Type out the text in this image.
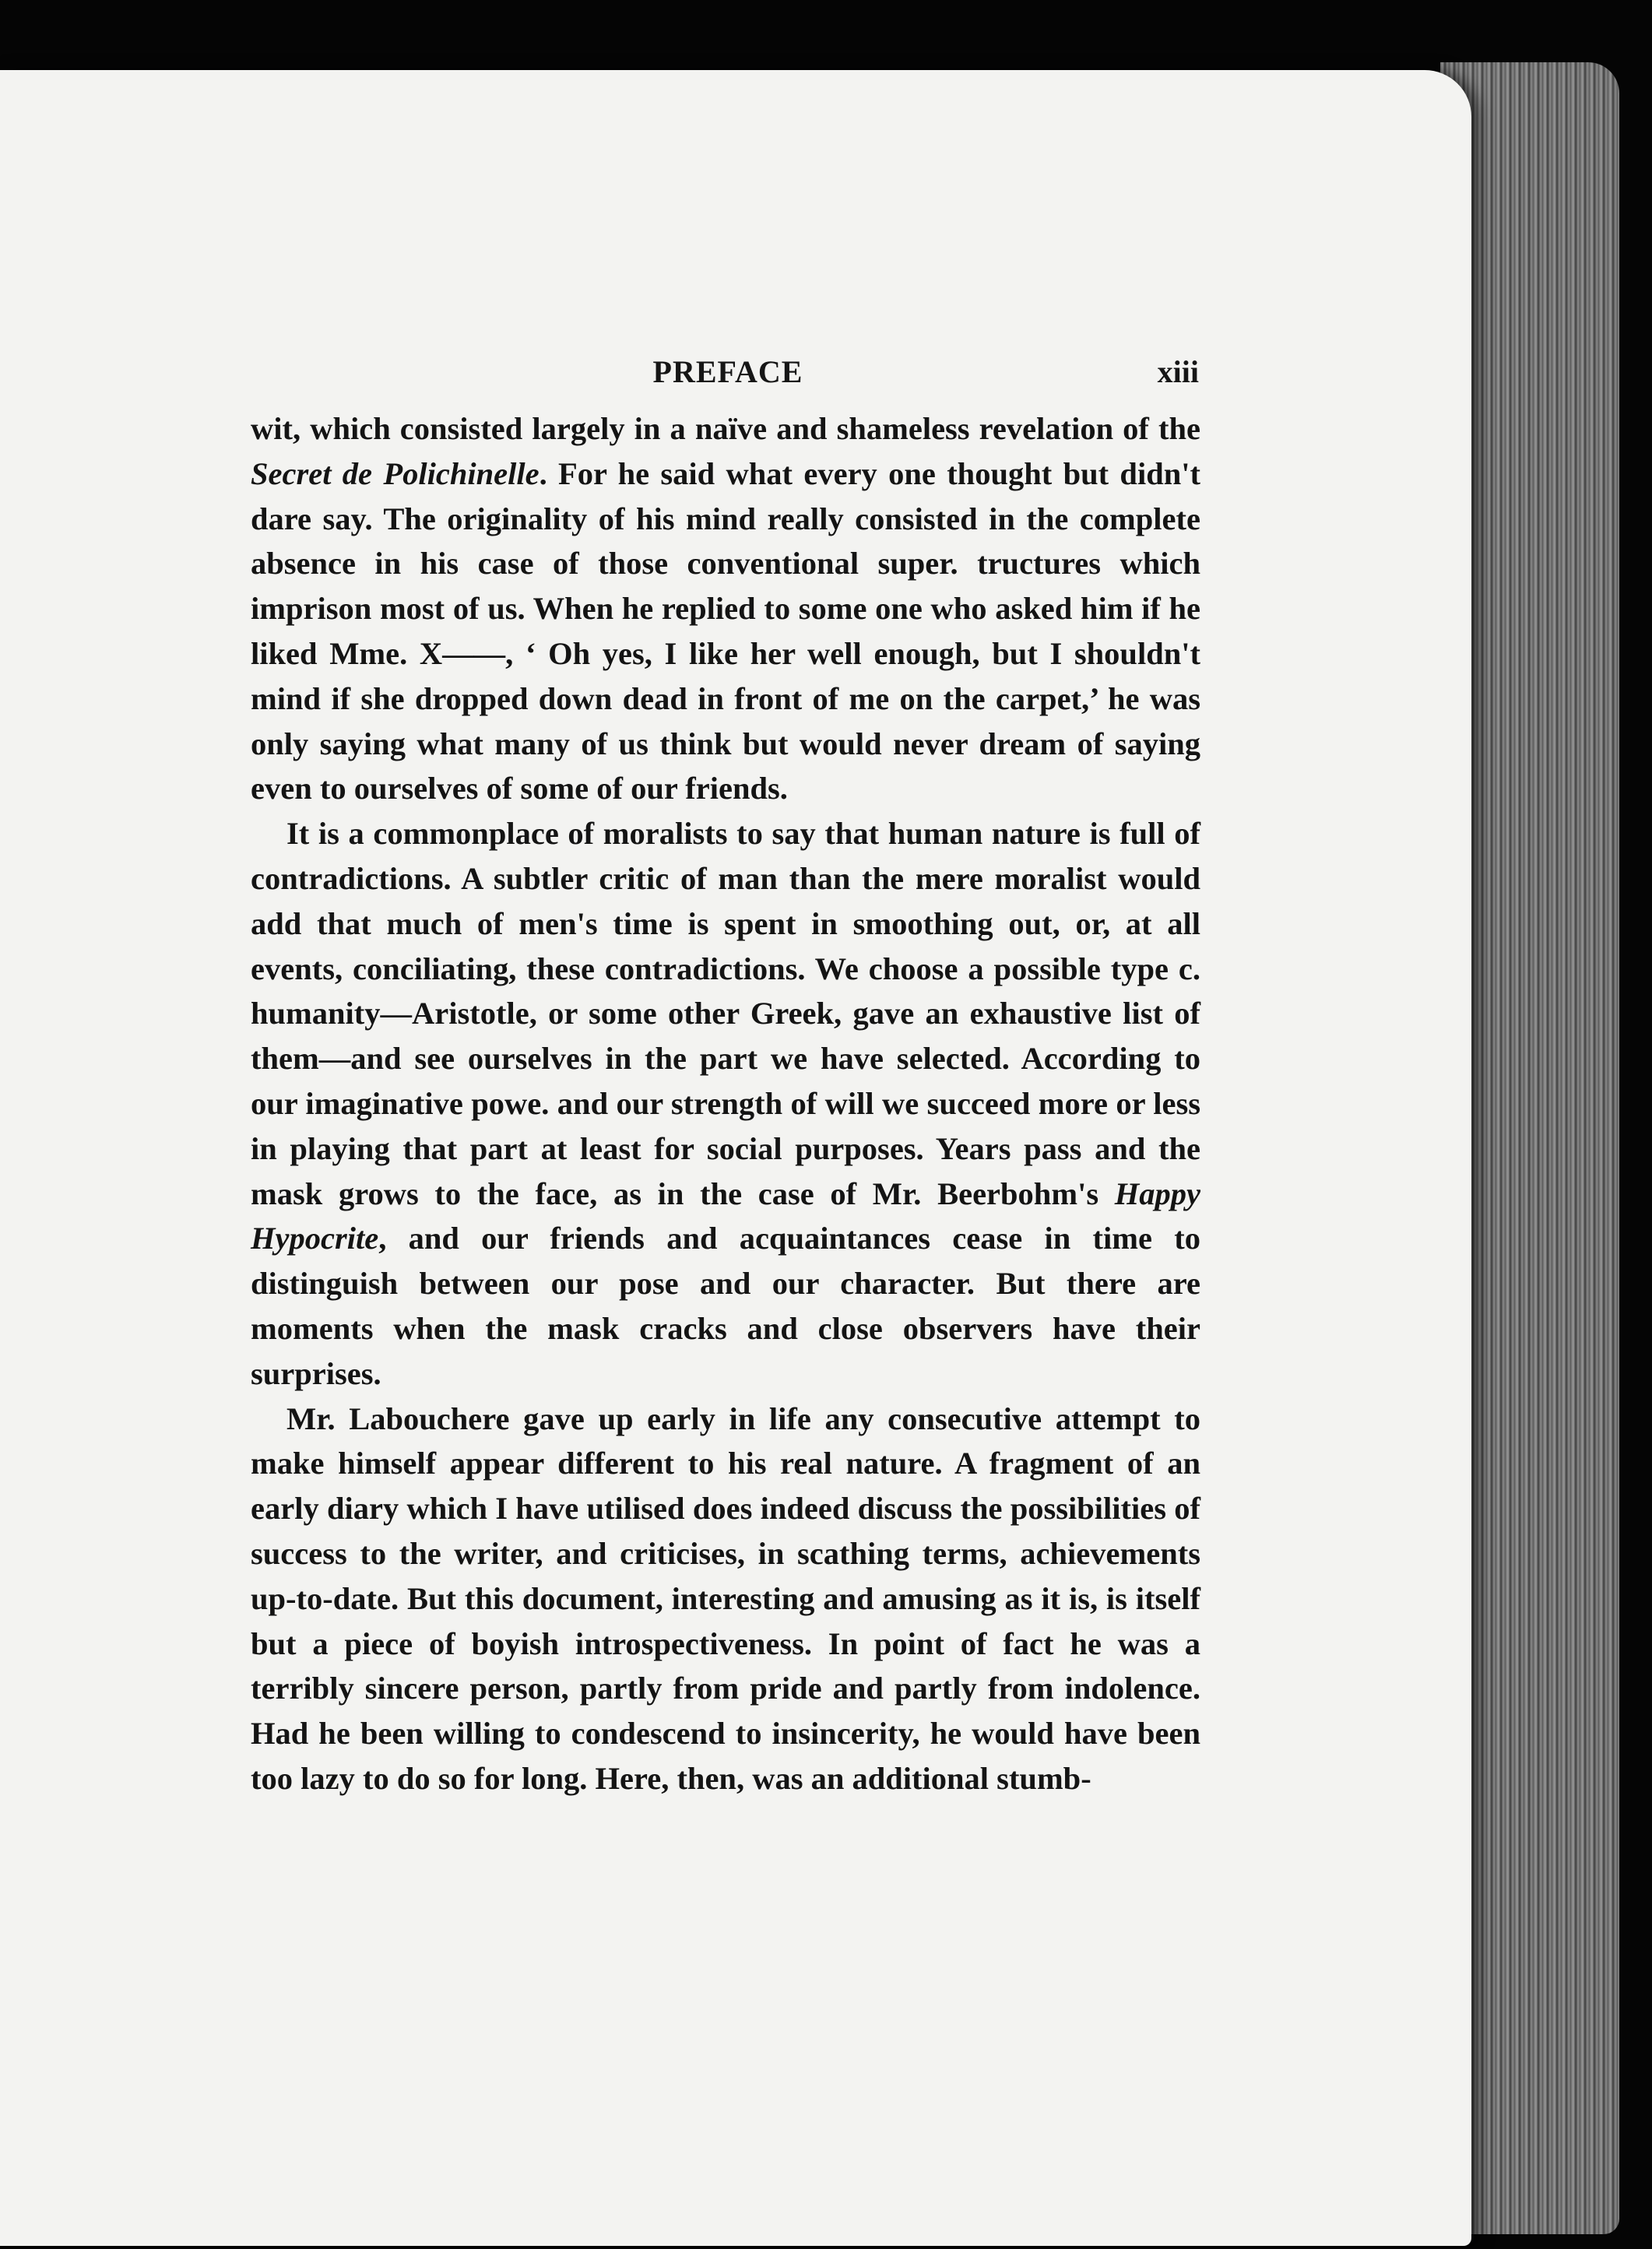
PREFACE	xiii

wit, which consisted largely in a naïve and shameless revelation of the Secret de Polichinelle. For he said what every one thought but didn't dare say. The originality of his mind really consisted in the complete absence in his case of those conventional super. tructures which imprison most of us. When he replied to some one who asked him if he liked Mme. X——, ‘ Oh yes, I like her well enough, but I shouldn't mind if she dropped down dead in front of me on the carpet,’ he was only saying what many of us think but would never dream of saying even to ourselves of some of our friends.

It is a commonplace of moralists to say that human nature is full of contradictions. A subtler critic of man than the mere moralist would add that much of men's time is spent in smoothing out, or, at all events, conciliating, these contradictions. We choose a possible type c. humanity—Aristotle, or some other Greek, gave an exhaustive list of them—and see ourselves in the part we have selected. According to our imaginative powe. and our strength of will we succeed more or less in playing that part at least for social purposes. Years pass and the mask grows to the face, as in the case of Mr. Beerbohm's Happy Hypocrite, and our friends and acquaintances cease in time to distinguish between our pose and our character. But there are moments when the mask cracks and close observers have their surprises.

Mr. Labouchere gave up early in life any consecutive attempt to make himself appear different to his real nature. A fragment of an early diary which I have utilised does indeed discuss the possibilities of success to the writer, and criticises, in scathing terms, achievements up-to-date. But this document, interesting and amusing as it is, is itself but a piece of boyish introspectiveness. In point of fact he was a terribly sincere person, partly from pride and partly from indolence. Had he been willing to condescend to insincerity, he would have been too lazy to do so for long. Here, then, was an additional stumb-
